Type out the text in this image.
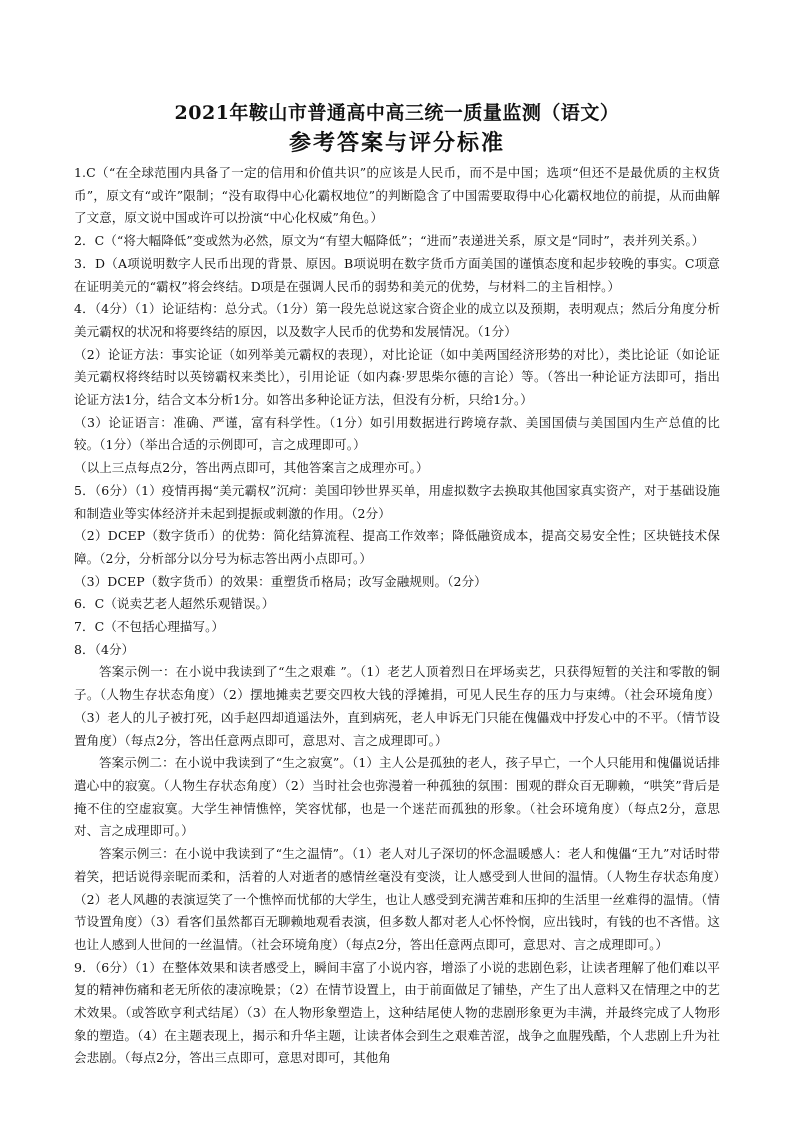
2021年鞍山市普通高中高三统一质量监测（语文）
参考答案与评分标准

1.C（“在全球范围内具备了一定的信用和价值共识”的应该是人民币，而不是中国；选项“但还不是最优质的主权货币”，原文有“或许”限制；“没有取得中心化霸权地位”的判断隐含了中国需要取得中心化霸权地位的前提，从而曲解了文意，原文说中国或许可以扮演“中心化权威”角色。）

2．C（“将大幅降低”变或然为必然，原文为“有望大幅降低”；“进而”表递进关系，原文是“同时”，表并列关系。）

3．D（A项说明数字人民币出现的背景、原因。B项说明在数字货币方面美国的谨慎态度和起步较晚的事实。C项意在证明美元的“霸权”将会终结。D项是在强调人民币的弱势和美元的优势，与材料二的主旨相悖。）

4．（4分）（1）论证结构：总分式。（1分）第一段先总说这家合资企业的成立以及预期，表明观点；然后分角度分析美元霸权的状况和将要终结的原因，以及数字人民币的优势和发展情况。（1分）

（2）论证方法：事实论证（如列举美元霸权的表现），对比论证（如中美两国经济形势的对比），类比论证（如论证美元霸权将终结时以英镑霸权来类比），引用论证（如内森·罗思柴尔德的言论）等。（答出一种论证方法即可，指出论证方法1分，结合文本分析1分。如答出多种论证方法，但没有分析，只给1分。）

（3）论证语言：准确、严谨，富有科学性。（1分）如引用数据进行跨境存款、美国国债与美国国内生产总值的比较。（1分）（举出合适的示例即可，言之成理即可。）

（以上三点每点2分，答出两点即可，其他答案言之成理亦可。）

5．（6分）（1）疫情再揭“美元霸权”沉疴：美国印钞世界买单，用虚拟数字去换取其他国家真实资产，对于基础设施和制造业等实体经济并未起到提振或刺激的作用。（2分）

（2）DCEP（数字货币）的优势：简化结算流程、提高工作效率；降低融资成本，提高交易安全性；区块链技术保障。（2分，分析部分以分号为标志答出两小点即可。）

（3）DCEP（数字货币）的效果：重塑货币格局；改写金融规则。（2分）

6．C（说卖艺老人超然乐观错误。）

7．C（不包括心理描写。）

8．（4分）

答案示例一：在小说中我读到了“生之艰难 ”。（1）老艺人顶着烈日在坪场卖艺，只获得短暂的关注和零散的铜子。（人物生存状态角度）（2）摆地摊卖艺要交四枚大钱的浮摊捐，可见人民生存的压力与束缚。（社会环境角度）（3）老人的儿子被打死，凶手赵四却逍遥法外，直到病死，老人申诉无门只能在傀儡戏中抒发心中的不平。（情节设置角度）（每点2分，答出任意两点即可，意思对、言之成理即可。）

答案示例二：在小说中我读到了“生之寂寞”。（1）主人公是孤独的老人，孩子早亡，一个人只能用和傀儡说话排遣心中的寂寞。（人物生存状态角度）（2）当时社会也弥漫着一种孤独的氛围：围观的群众百无聊赖，“哄笑”背后是掩不住的空虚寂寞。大学生神情憔悴，笑容忧郁，也是一个迷茫而孤独的形象。（社会环境角度）（每点2分，意思对、言之成理即可。）

答案示例三：在小说中我读到了“生之温情”。（1）老人对儿子深切的怀念温暖感人：老人和傀儡“王九”对话时带着笑，把话说得亲昵而柔和，活着的人对逝者的感情丝毫没有变淡，让人感受到人世间的温情。（人物生存状态角度）（2）老人风趣的表演逗笑了一个憔悴而忧郁的大学生，也让人感受到充满苦难和压抑的生活里一丝难得的温情。（情节设置角度）（3）看客们虽然都百无聊赖地观看表演，但多数人都对老人心怀怜悯，应出钱时，有钱的也不吝惜。这也让人感到人世间的一丝温情。（社会环境角度）（每点2分，答出任意两点即可，意思对、言之成理即可。）

9．（6分）（1）在整体效果和读者感受上，瞬间丰富了小说内容，增添了小说的悲剧色彩，让读者理解了他们难以平复的精神伤痛和老无所依的凄凉晚景；（2）在情节设置上，由于前面做足了铺垫，产生了出人意料又在情理之中的艺术效果。（或答欧亨利式结尾）（3）在人物形象塑造上，这种结尾使人物的悲剧形象更为丰满，并最终完成了人物形象的塑造。（4）在主题表现上，揭示和升华主题，让读者体会到生之艰难苦涩，战争之血腥残酷，个人悲剧上升为社会悲剧。（每点2分，答出三点即可，意思对即可，其他角
